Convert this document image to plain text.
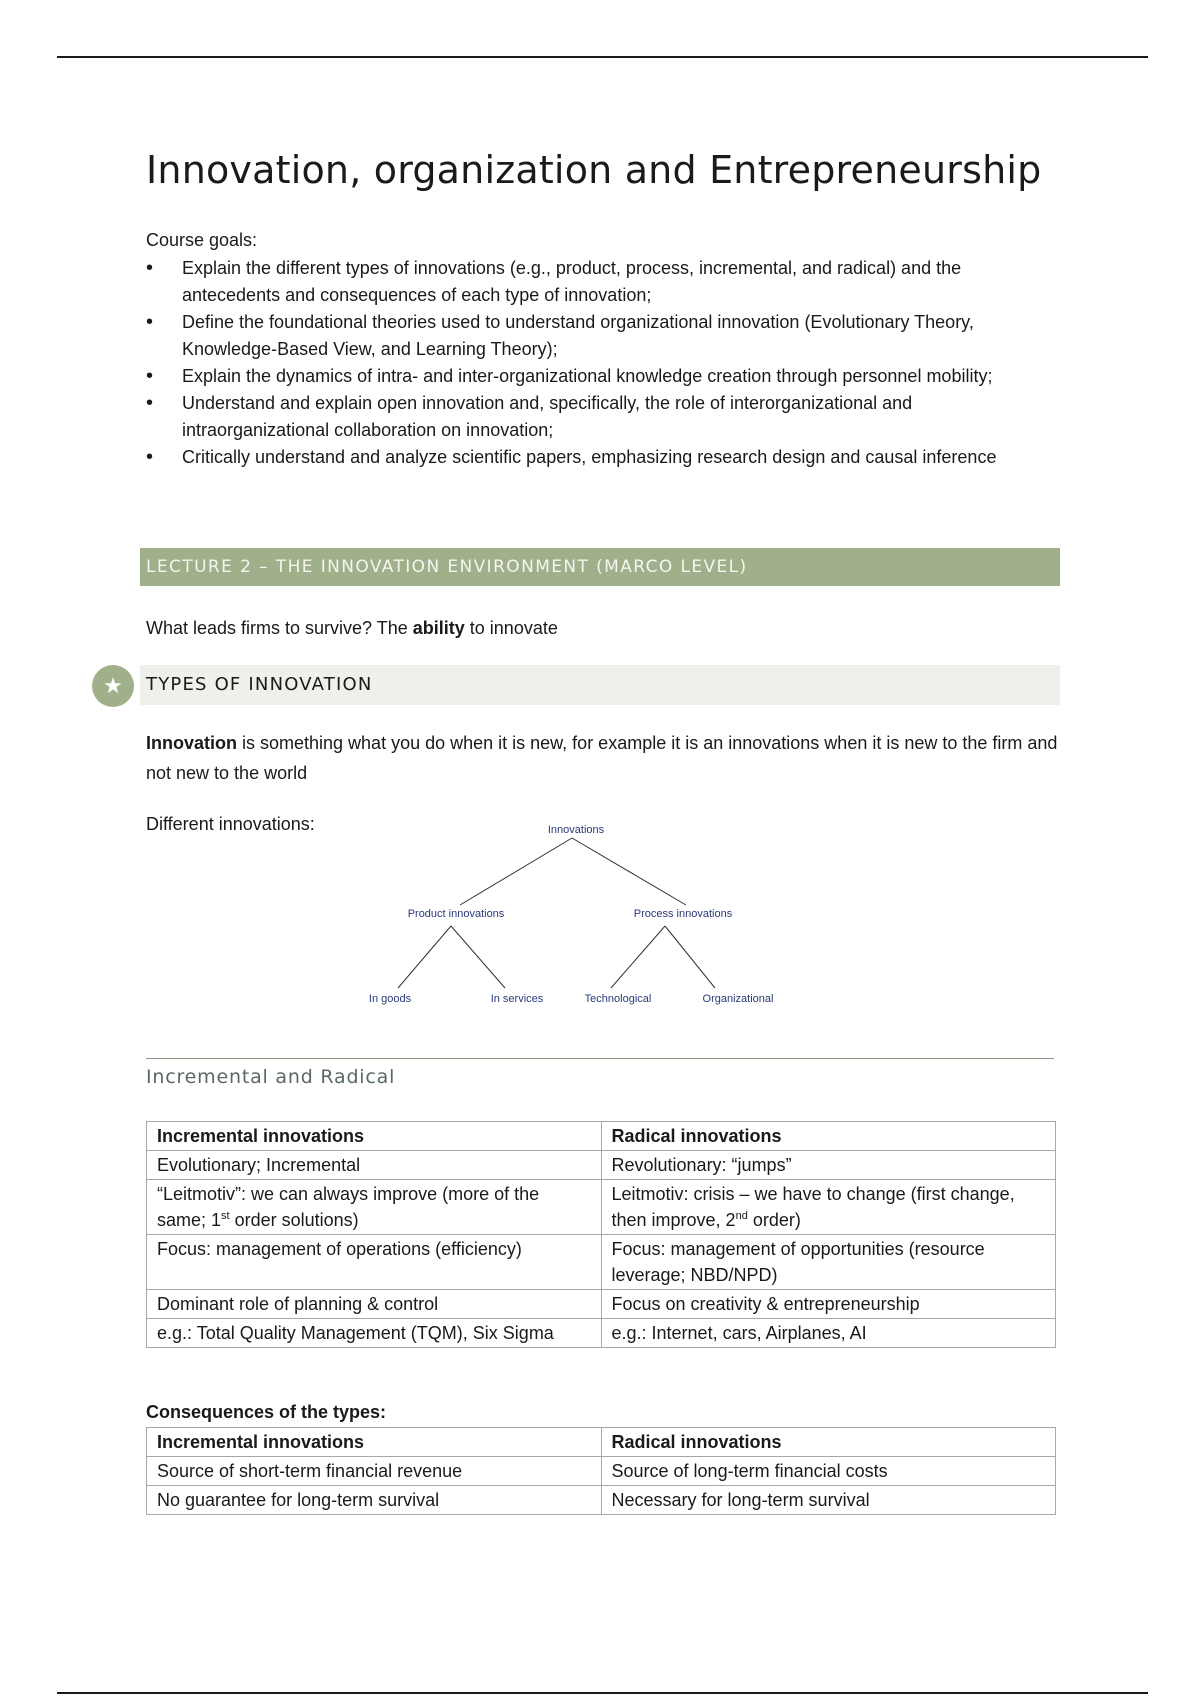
Innovation, organization and Entrepreneurship
Course goals:
• Explain the different types of innovations (e.g., product, process, incremental, and radical) and the antecedents and consequences of each type of innovation;
• Define the foundational theories used to understand organizational innovation (Evolutionary Theory, Knowledge-Based View, and Learning Theory);
• Explain the dynamics of intra- and inter-organizational knowledge creation through personnel mobility;
• Understand and explain open innovation and, specifically, the role of interorganizational and intraorganizational collaboration on innovation;
• Critically understand and analyze scientific papers, emphasizing research design and causal inference
LECTURE 2 – THE INNOVATION ENVIRONMENT (MARCO LEVEL)
What leads firms to survive? The ability to innovate
TYPES OF INNOVATION
★

Innovation is something what you do when it is new, for example it is an innovations when it is new to the firm and not new to the world

Different innovations:	Innovations
Product innovations	Process innovations
In goods	In services	Technological	Organizational
Incremental and Radical
Incremental innovations	Radical innovations
Evolutionary; Incremental	Revolutionary: “jumps”
“Leitmotiv”: we can always improve (more of the same; 1st order solutions)	Leitmotiv: crisis – we have to change (first change, then improve, 2nd order)
Focus: management of operations (efficiency)	Focus: management of opportunities (resource leverage; NBD/NPD)
Dominant role of planning & control	Focus on creativity & entrepreneurship
e.g.: Total Quality Management (TQM), Six Sigma	e.g.: Internet, cars, Airplanes, AI
Consequences of the types:
Incremental innovations	Radical innovations
Source of short-term financial revenue	Source of long-term financial costs
No guarantee for long-term survival	Necessary for long-term survival
